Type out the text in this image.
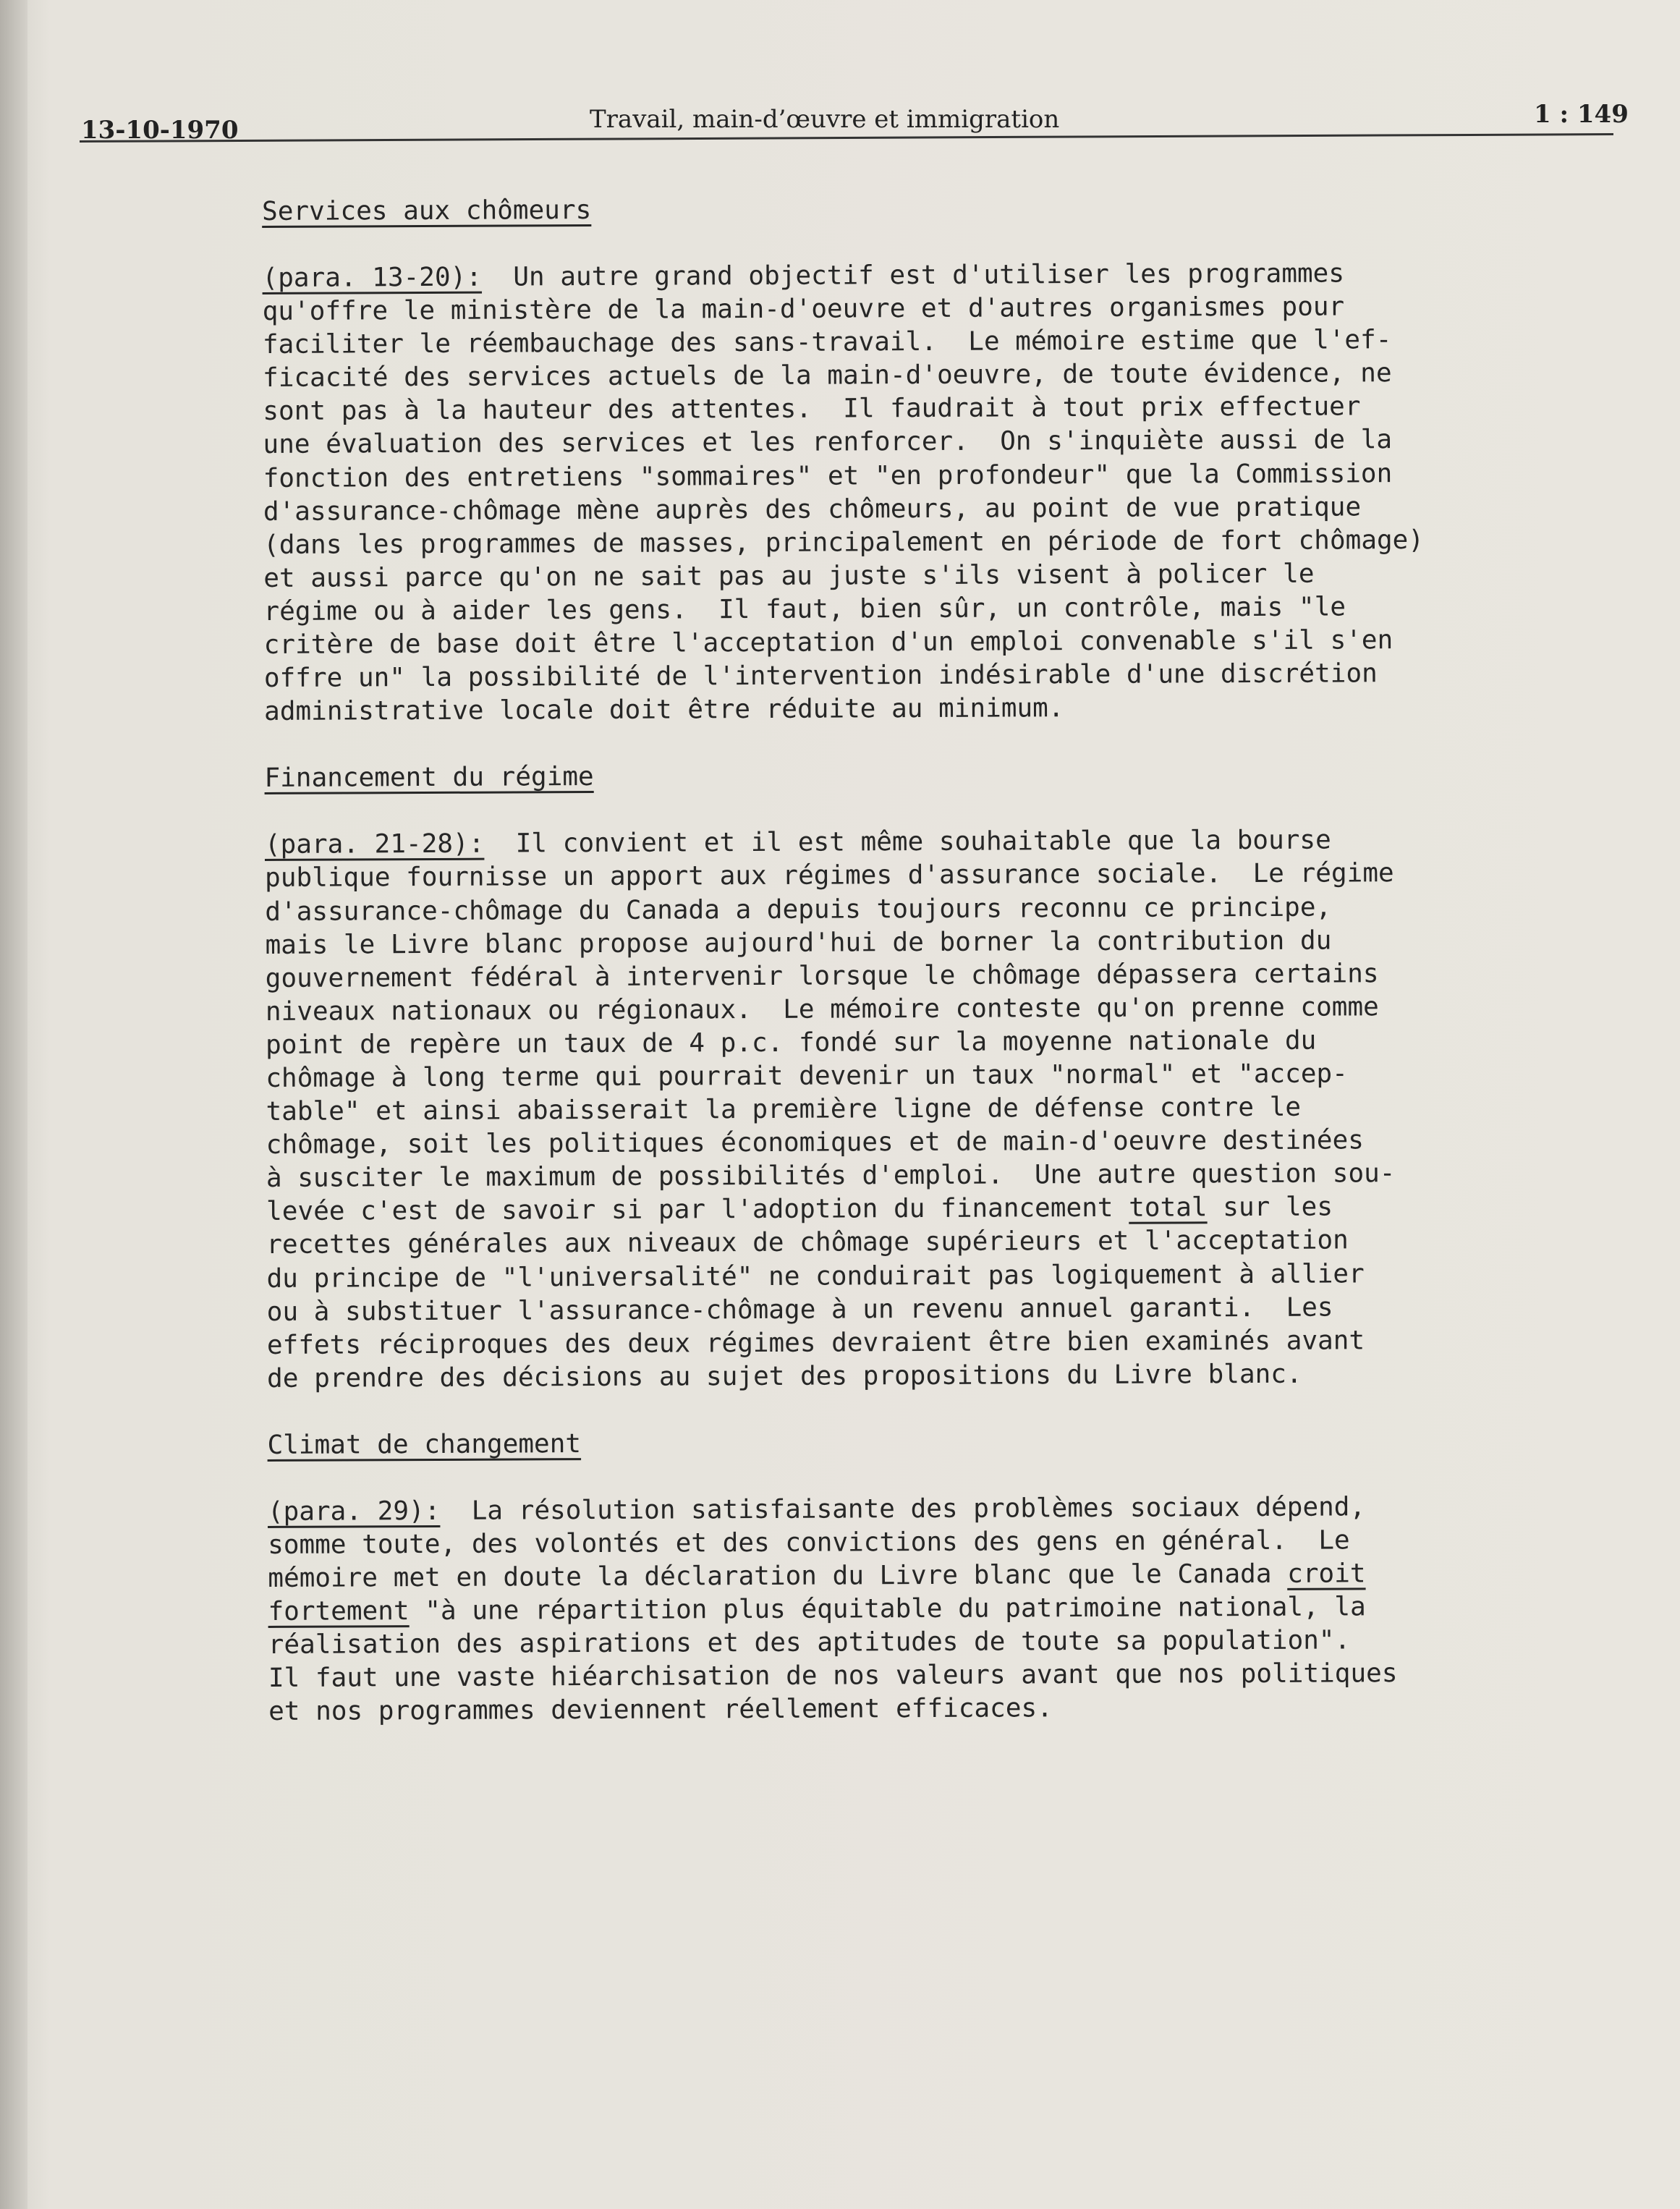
13-10-1970	Travail, main-d’œuvre et immigration	1 : 149
Services aux chômeurs

(para. 13-20):  Un autre grand objectif est d'utiliser les programmes
qu'offre le ministère de la main-d'oeuvre et d'autres organismes pour
faciliter le réembauchage des sans-travail.  Le mémoire estime que l'ef-
ficacité des services actuels de la main-d'oeuvre, de toute évidence, ne
sont pas à la hauteur des attentes.  Il faudrait à tout prix effectuer
une évaluation des services et les renforcer.  On s'inquiète aussi de la
fonction des entretiens "sommaires" et "en profondeur" que la Commission
d'assurance-chômage mène auprès des chômeurs, au point de vue pratique
(dans les programmes de masses, principalement en période de fort chômage)
et aussi parce qu'on ne sait pas au juste s'ils visent à policer le
régime ou à aider les gens.  Il faut, bien sûr, un contrôle, mais "le
critère de base doit être l'acceptation d'un emploi convenable s'il s'en
offre un" la possibilité de l'intervention indésirable d'une discrétion
administrative locale doit être réduite au minimum.

Financement du régime

(para. 21-28):  Il convient et il est même souhaitable que la bourse
publique fournisse un apport aux régimes d'assurance sociale.  Le régime
d'assurance-chômage du Canada a depuis toujours reconnu ce principe,
mais le Livre blanc propose aujourd'hui de borner la contribution du
gouvernement fédéral à intervenir lorsque le chômage dépassera certains
niveaux nationaux ou régionaux.  Le mémoire conteste qu'on prenne comme
point de repère un taux de 4 p.c. fondé sur la moyenne nationale du
chômage à long terme qui pourrait devenir un taux "normal" et "accep-
table" et ainsi abaisserait la première ligne de défense contre le
chômage, soit les politiques économiques et de main-d'oeuvre destinées
à susciter le maximum de possibilités d'emploi.  Une autre question sou-
levée c'est de savoir si par l'adoption du financement total sur les
recettes générales aux niveaux de chômage supérieurs et l'acceptation
du principe de "l'universalité" ne conduirait pas logiquement à allier
ou à substituer l'assurance-chômage à un revenu annuel garanti.  Les
effets réciproques des deux régimes devraient être bien examinés avant
de prendre des décisions au sujet des propositions du Livre blanc.

Climat de changement

(para. 29):  La résolution satisfaisante des problèmes sociaux dépend,
somme toute, des volontés et des convictions des gens en général.  Le
mémoire met en doute la déclaration du Livre blanc que le Canada croit
fortement "à une répartition plus équitable du patrimoine national, la
réalisation des aspirations et des aptitudes de toute sa population".
Il faut une vaste hiéarchisation de nos valeurs avant que nos politiques
et nos programmes deviennent réellement efficaces.
